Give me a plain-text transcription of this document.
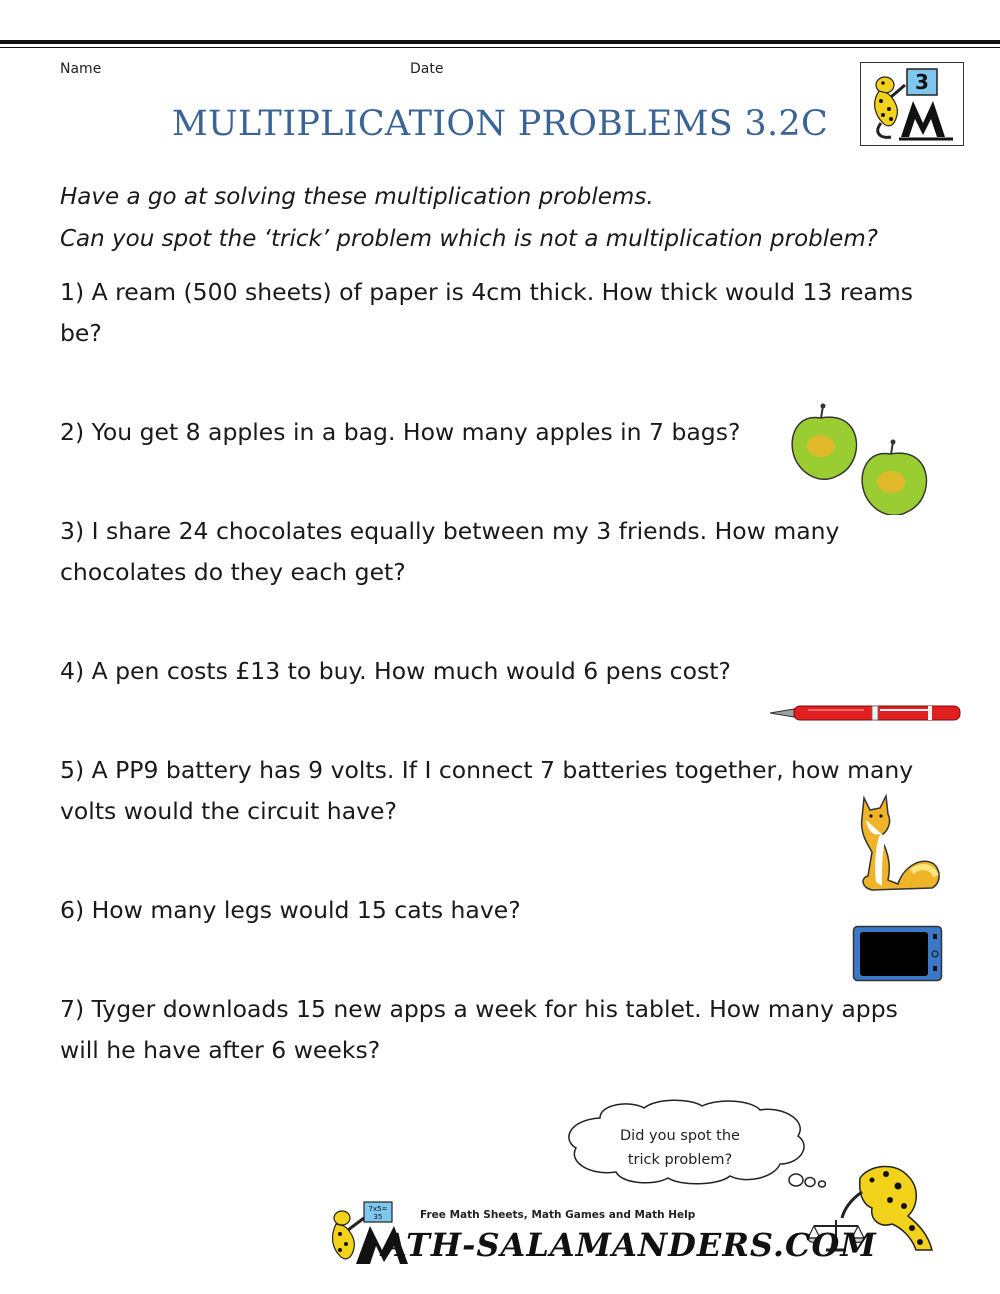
Name	Date
MULTIPLICATION PROBLEMS 3.2C
3
Have a go at solving these multiplication problems.
Can you spot the ‘trick’ problem which is not a multiplication problem?
1) A ream (500 sheets) of paper is 4cm thick. How thick would 13 reams be?
2) You get 8 apples in a bag. How many apples in 7 bags?
3) I share 24 chocolates equally between my 3 friends. How many chocolates do they each get?
4) A pen costs £13 to buy. How much would 6 pens cost?
5) A PP9 battery has 9 volts. If I connect 7 batteries together, how many volts would the circuit have?
6) How many legs would 15 cats have?
7) Tyger downloads 15 new apps a week for his tablet. How many apps will he have after 6 weeks?
Did you spot the
trick problem?
7x5=
35	Free Math Sheets, Math Games and Math Help
ATH-SALAMANDERS.COM
